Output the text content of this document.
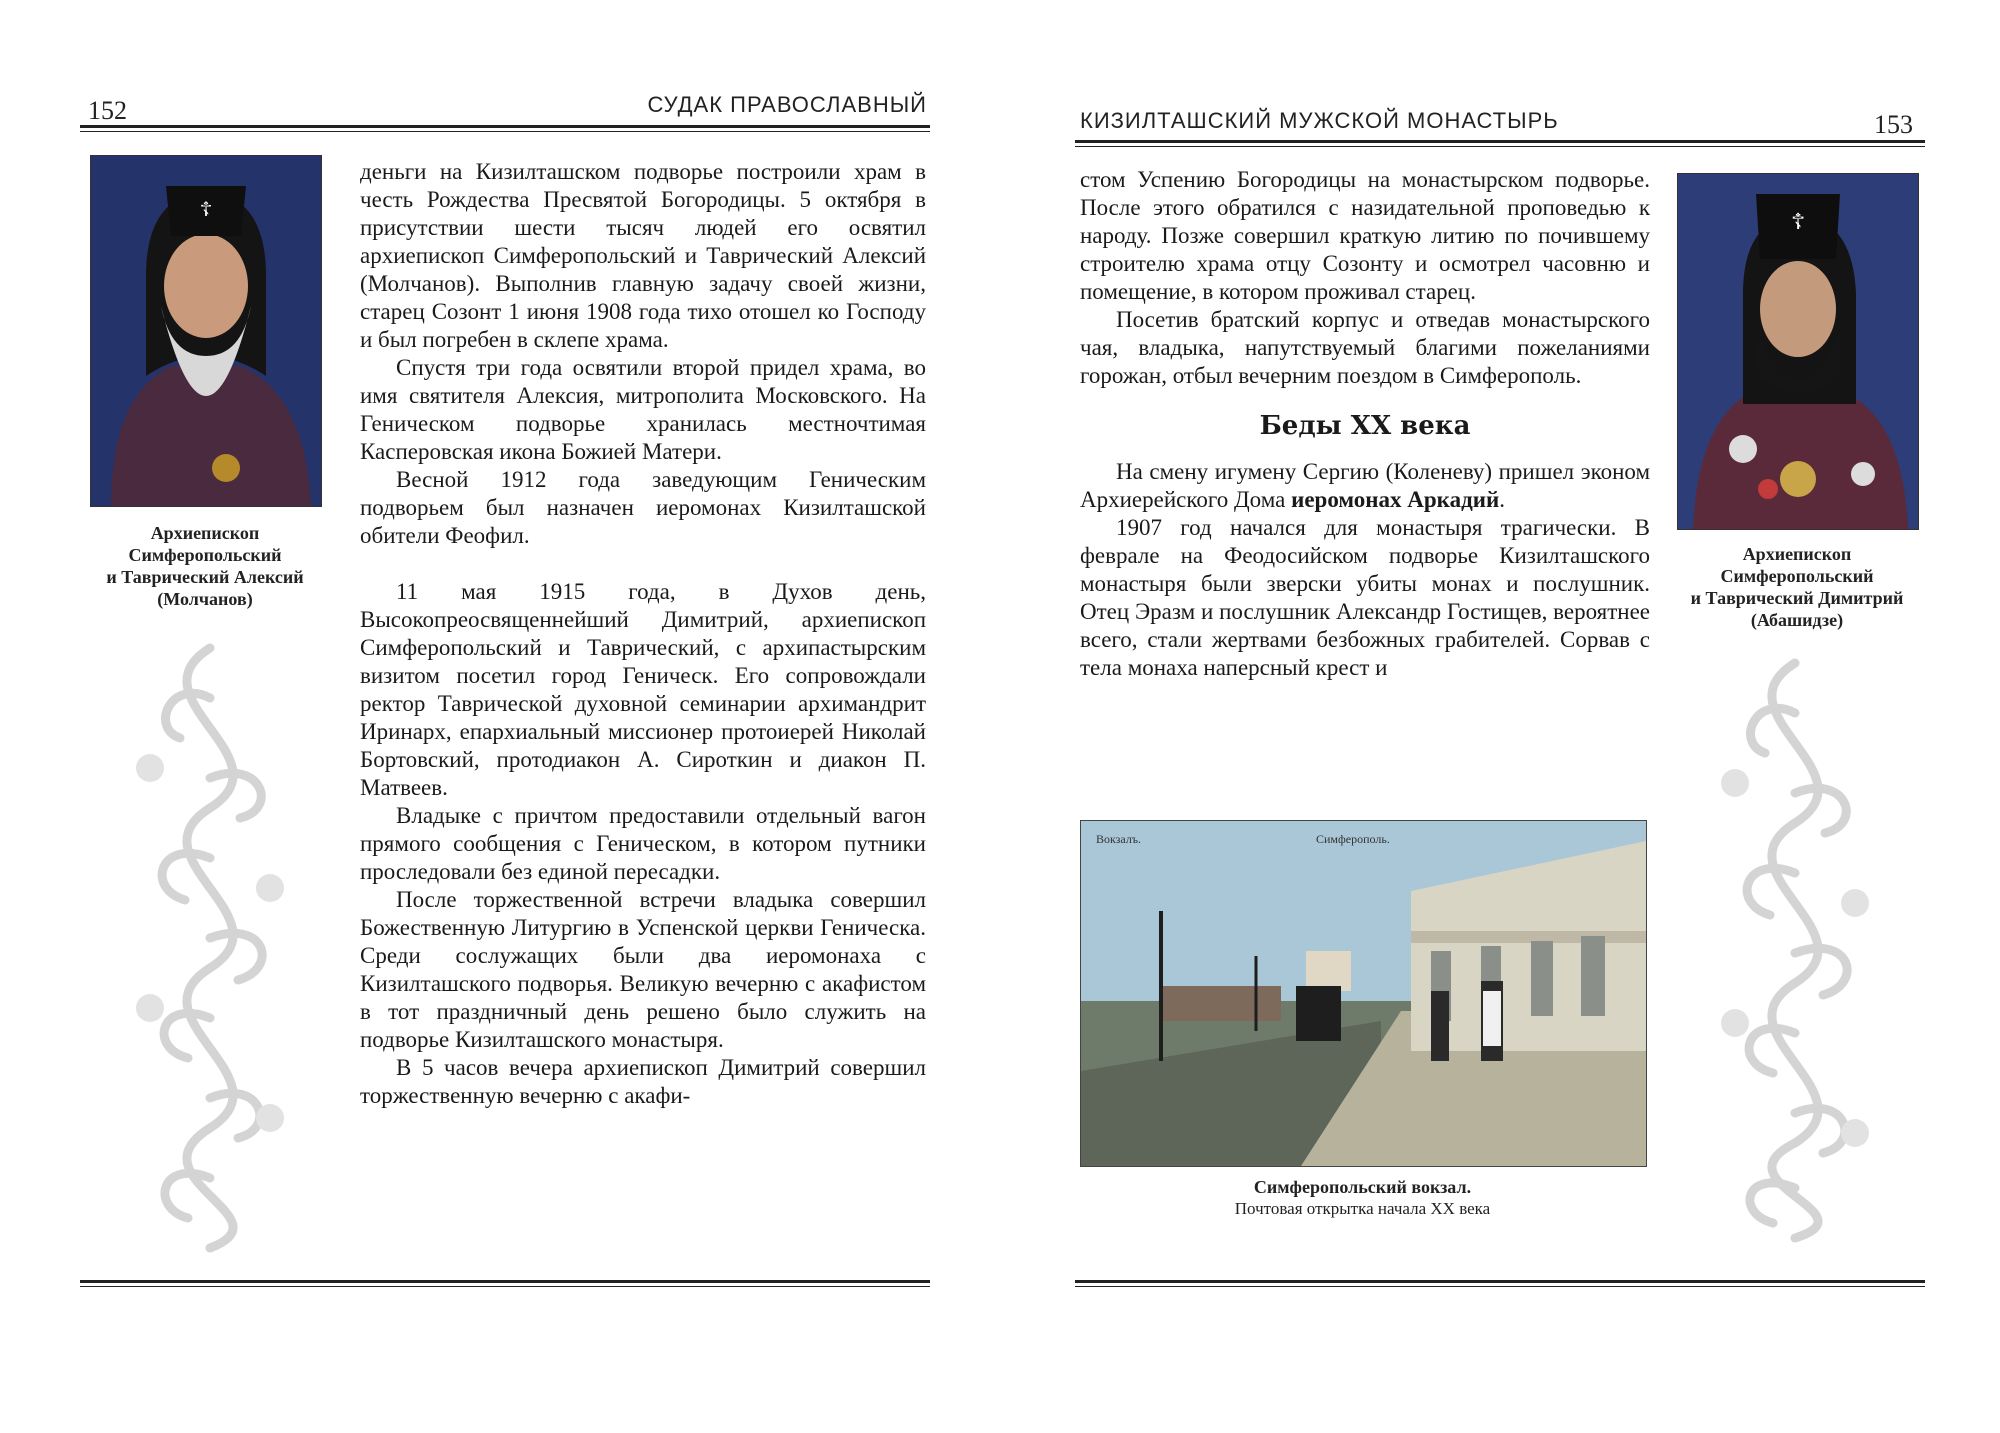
152	СУДАК ПРАВОСЛАВНЫЙ
☦
Архиепископ
Симферопольский
и Таврический Алексий
(Молчанов)

деньги на Кизилташском подворье построили храм в честь Рождества Пресвятой Богородицы. 5 октября в присутствии шести тысяч людей его освятил архиепископ Симферопольский и Таврический Алексий (Молчанов). Выполнив главную задачу своей жизни, старец Созонт 1 июня 1908 года тихо отошел ко Господу и был погребен в склепе храма.

Спустя три года освятили второй придел храма, во имя святителя Алексия, митрополита Московского. На Геническом подворье хранилась местночтимая Касперовская икона Божией Матери.

Весной 1912 года заведующим Геническим подворьем был назначен иеромонах Кизилташской обители Феофил.

11 мая 1915 года, в Духов день, Высокопреосвященнейший Димитрий, архиепископ Симферопольский и Таврический, с архипастырским визитом посетил город Геническ. Его сопровождали ректор Таврической духовной семинарии архимандрит Иринарх, епархиальный миссионер протоиерей Николай Бортовский, протодиакон А. Сироткин и диакон П. Матвеев.

Владыке с причтом предоставили отдельный вагон прямого сообщения с Геническом, в котором путники проследовали без единой пересадки.

После торжественной встречи владыка совершил Божественную Литургию в Успенской церкви Геническа. Среди сослужащих были два иеромонаха с Кизилташского подворья. Великую вечерню с акафистом в тот праздничный день решено было служить на подворье Кизилташского монастыря.

В 5 часов вечера архиепископ Димитрий совершил торжественную вечерню с акафи-

КИЗИЛТАШСКИЙ МУЖСКОЙ МОНАСТЫРЬ	153

стом Успению Богородицы на монастырском подворье. После этого обратился с назидательной проповедью к народу. Позже совершил краткую литию по почившему строителю храма отцу Созонту и осмотрел часовню и помещение, в котором проживал старец.

Посетив братский корпус и отведав монастырского чая, владыка, напутствуемый благими пожеланиями горожан, отбыл вечерним поездом в Симферополь.

Беды XX века

На смену игумену Сергию (Коленеву) пришел эконом Архиерейского Дома иеромонах Аркадий.

1907 год начался для монастыря трагически. В феврале на Феодосийском подворье Кизилташского монастыря были зверски убиты монах и послушник. Отец Эразм и послушник Александр Гостищев, вероятнее всего, стали жертвами безбожных грабителей. Сорвав с тела монаха наперсный крест и

Вокзалъ.	Симферополь.
Симферопольский вокзал.
Почтовая открытка начала XX века
☦
Архиепископ
Симферопольский
и Таврический Димитрий
(Абашидзе)
